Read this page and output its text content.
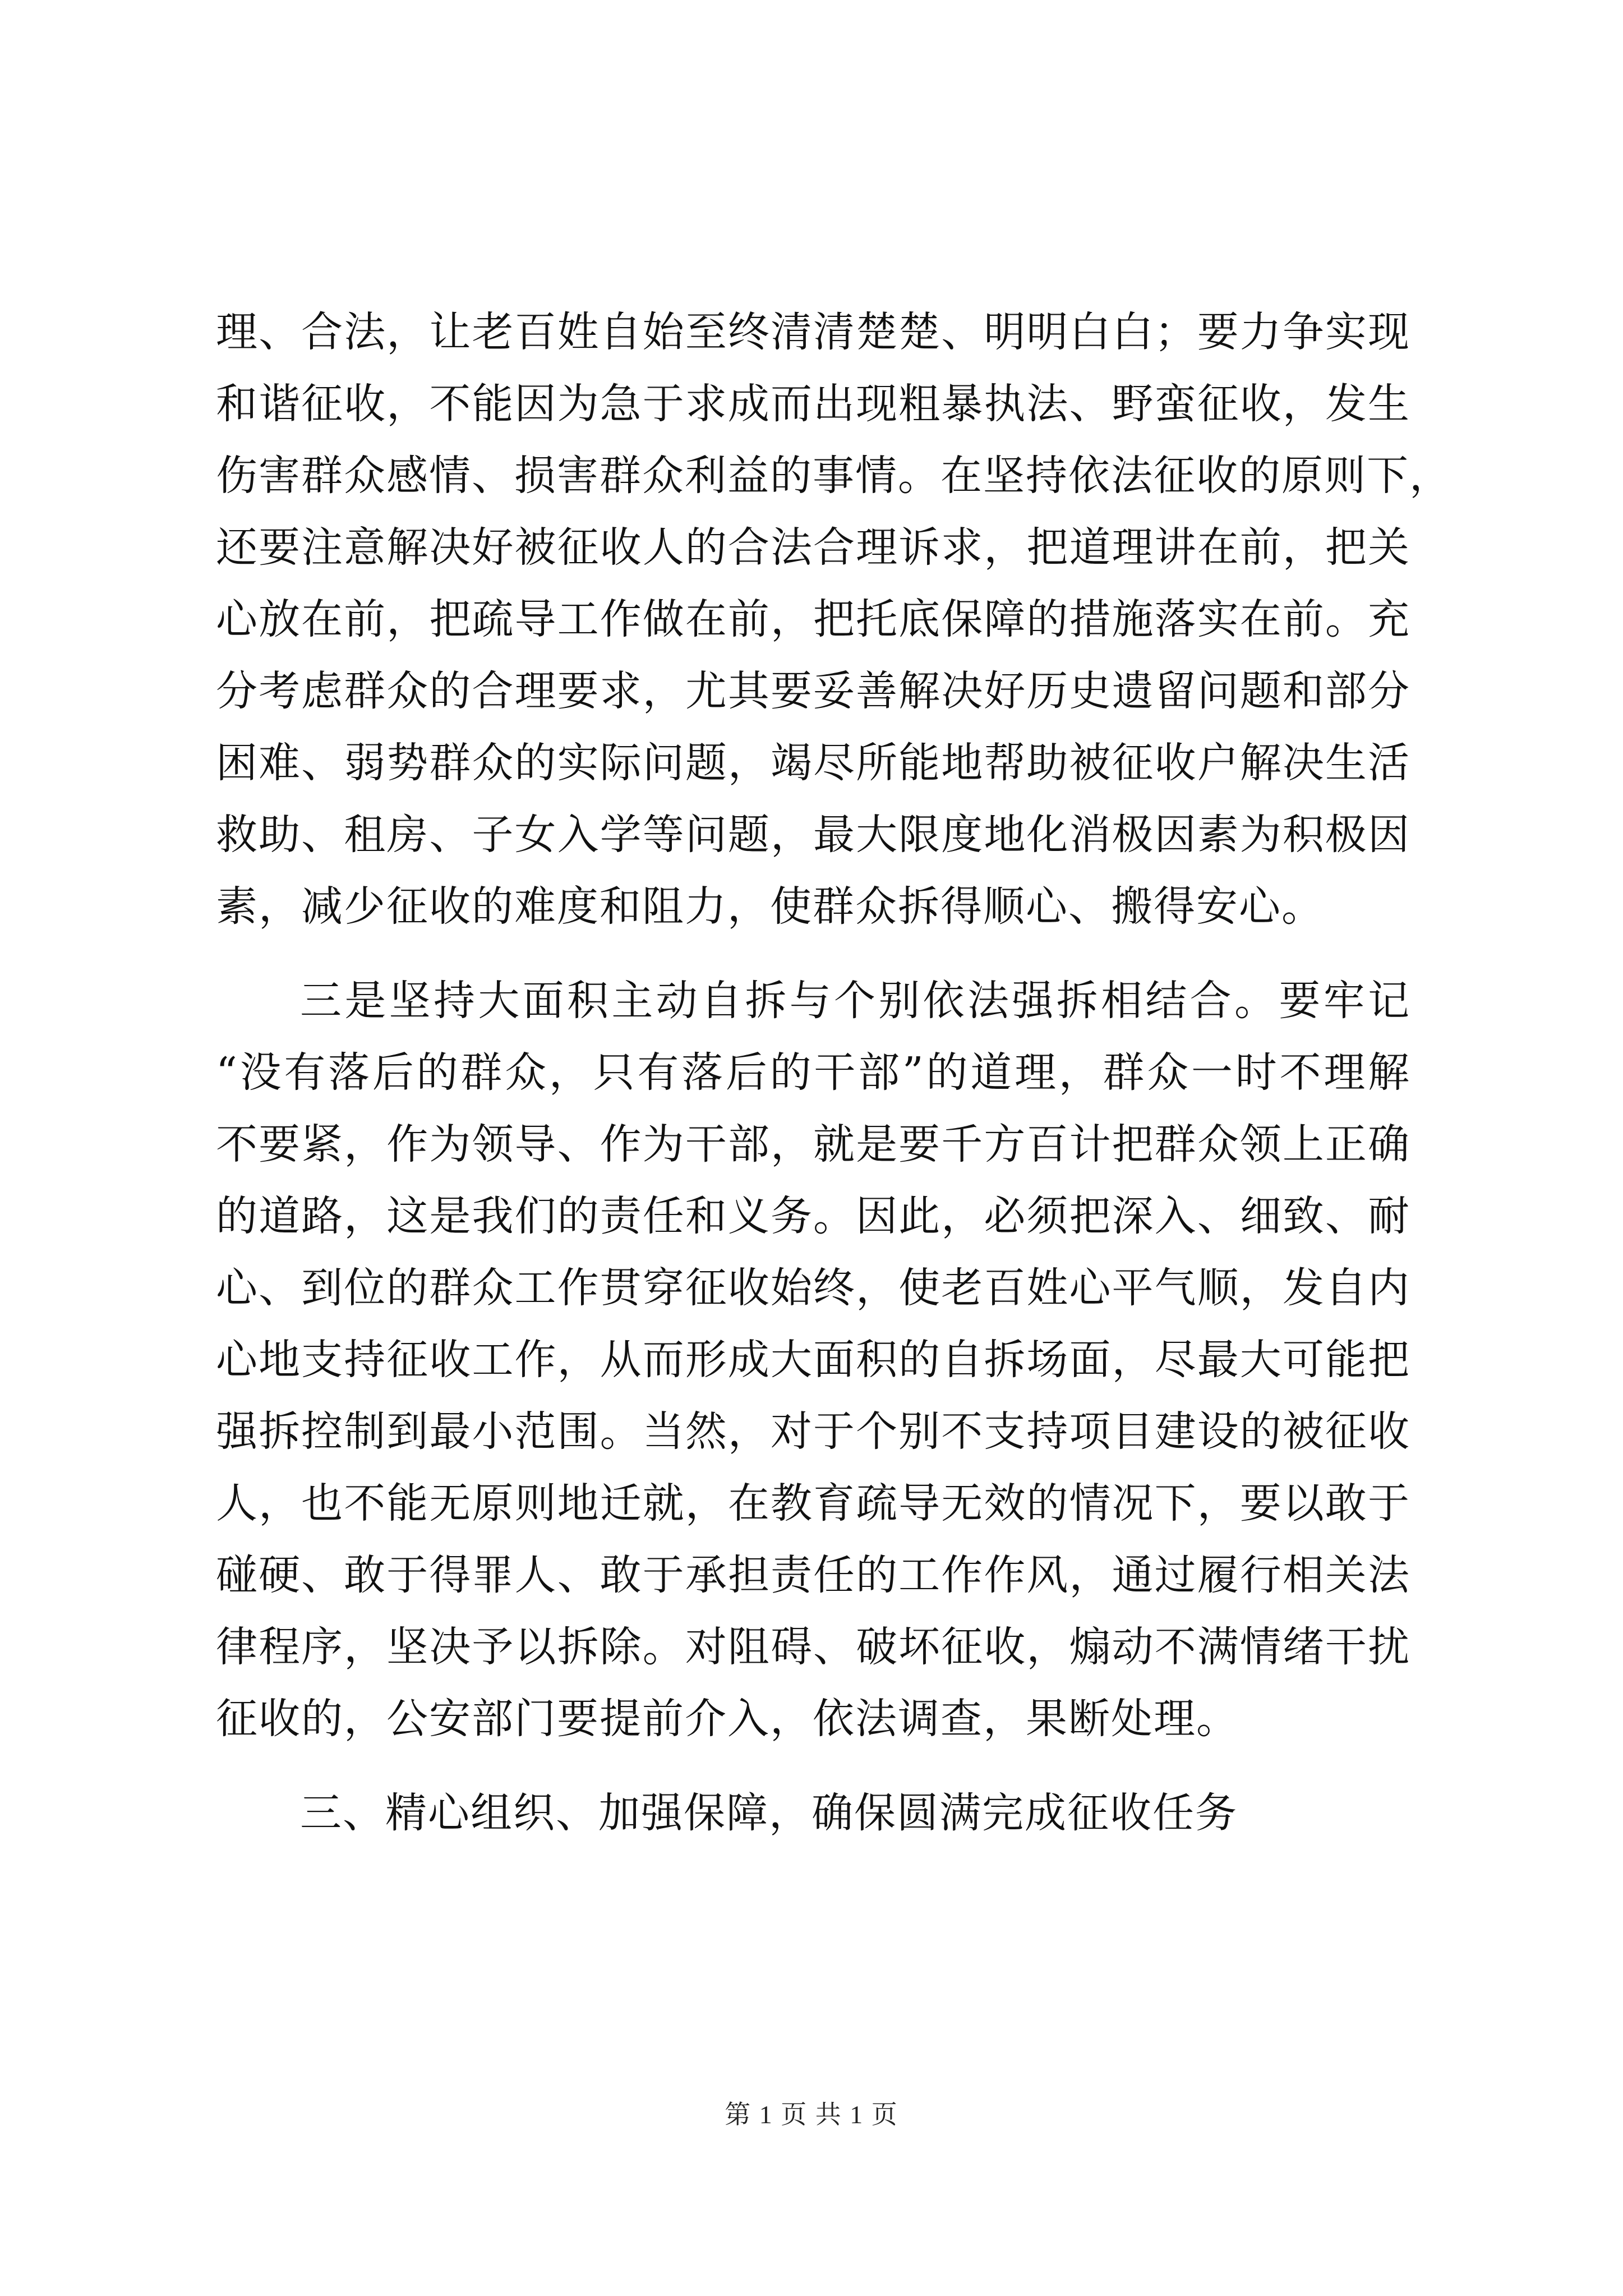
理、合法，让老百姓自始至终清清楚楚、明明白白；要力争实现
和谐征收，不能因为急于求成而出现粗暴执法、野蛮征收，发生
伤害群众感情、损害群众利益的事情。在坚持依法征收的原则下，
还要注意解决好被征收人的合法合理诉求，把道理讲在前，把关
心放在前，把疏导工作做在前，把托底保障的措施落实在前。充
分考虑群众的合理要求，尤其要妥善解决好历史遗留问题和部分
困难、弱势群众的实际问题，竭尽所能地帮助被征收户解决生活
救助、租房、子女入学等问题，最大限度地化消极因素为积极因
素，减少征收的难度和阻力，使群众拆得顺心、搬得安心。
三是坚持大面积主动自拆与个别依法强拆相结合。要牢记
“没有落后的群众，只有落后的干部”的道理，群众一时不理解
不要紧，作为领导、作为干部，就是要千方百计把群众领上正确
的道路，这是我们的责任和义务。因此，必须把深入、细致、耐
心、到位的群众工作贯穿征收始终，使老百姓心平气顺，发自内
心地支持征收工作，从而形成大面积的自拆场面，尽最大可能把
强拆控制到最小范围。当然，对于个别不支持项目建设的被征收
人，也不能无原则地迁就，在教育疏导无效的情况下，要以敢于
碰硬、敢于得罪人、敢于承担责任的工作作风，通过履行相关法
律程序，坚决予以拆除。对阻碍、破坏征收，煽动不满情绪干扰
征收的，公安部门要提前介入，依法调查，果断处理。
三、精心组织、加强保障，确保圆满完成征收任务
第 1 页 共 1 页
